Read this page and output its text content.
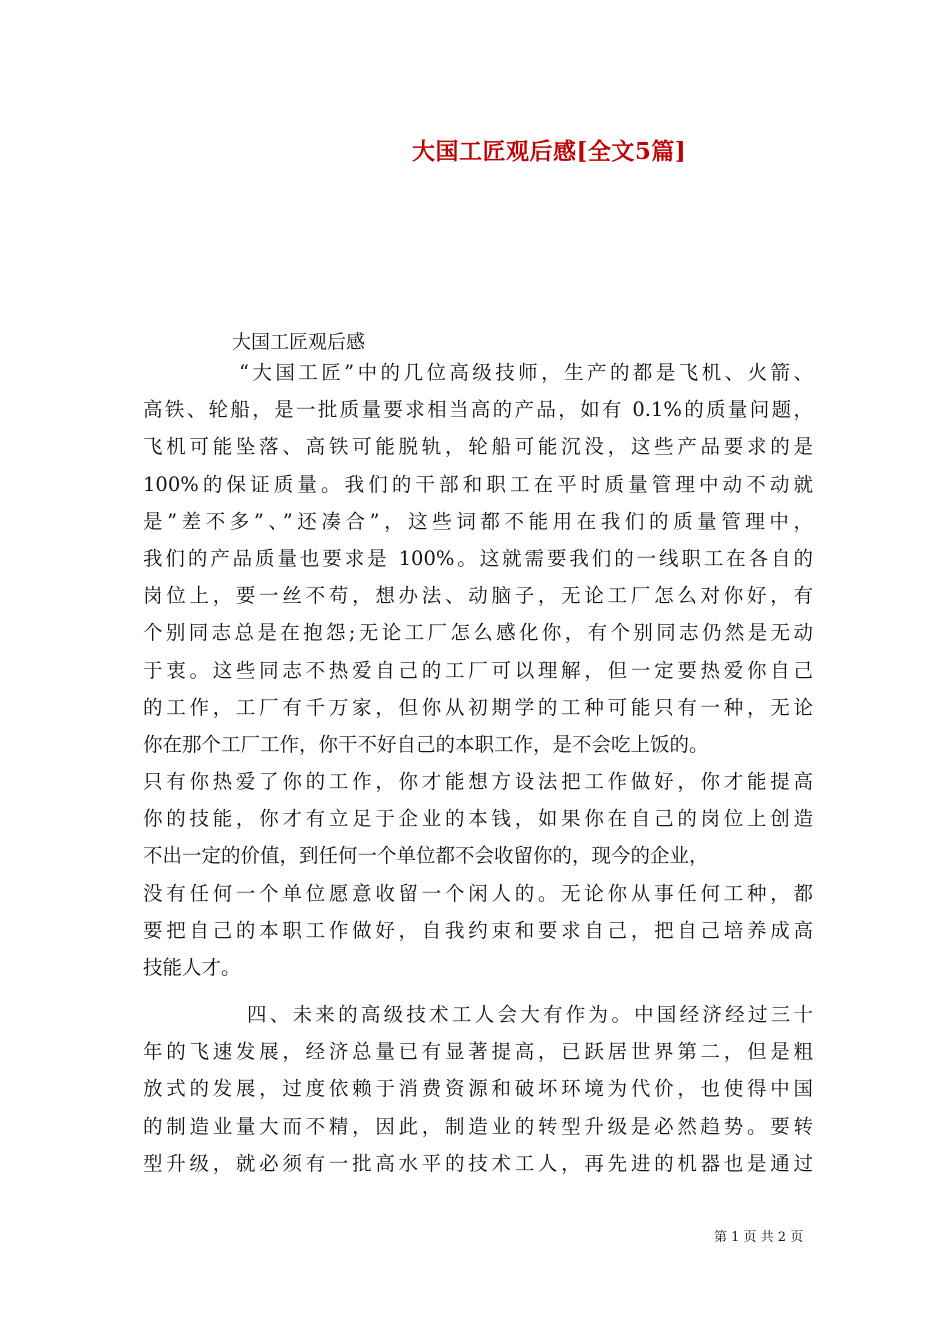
大国工匠观后感[全文5篇]
大国工匠观后感
“大国工匠”中的几位高级技师，生产的都是飞机、火箭、
高铁、轮船，是一批质量要求相当高的产品，如有 0.1%的质量问题，
飞机可能坠落、高铁可能脱轨，轮船可能沉没，这些产品要求的是
100%的保证质量。我们的干部和职工在平时质量管理中动不动就
是”差不多”、”还凑合”，这些词都不能用在我们的质量管理中，
我们的产品质量也要求是 100%。这就需要我们的一线职工在各自的
岗位上，要一丝不苟，想办法、动脑子，无论工厂怎么对你好，有
个别同志总是在抱怨;无论工厂怎么感化你，有个别同志仍然是无动
于衷。这些同志不热爱自己的工厂可以理解，但一定要热爱你自己
的工作，工厂有千万家，但你从初期学的工种可能只有一种，无论
你在那个工厂工作，你干不好自己的本职工作，是不会吃上饭的。
只有你热爱了你的工作，你才能想方设法把工作做好，你才能提高
你的技能，你才有立足于企业的本钱，如果你在自己的岗位上创造
不出一定的价值，到任何一个单位都不会收留你的，现今的企业，
没有任何一个单位愿意收留一个闲人的。无论你从事任何工种，都
要把自己的本职工作做好，自我约束和要求自己，把自己培养成高
技能人才。
四、未来的高级技术工人会大有作为。中国经济经过三十
年的飞速发展，经济总量已有显著提高，已跃居世界第二，但是粗
放式的发展，过度依赖于消费资源和破坏环境为代价，也使得中国
的制造业量大而不精，因此，制造业的转型升级是必然趋势。要转
型升级，就必须有一批高水平的技术工人，再先进的机器也是通过
第 1 页 共 2 页
